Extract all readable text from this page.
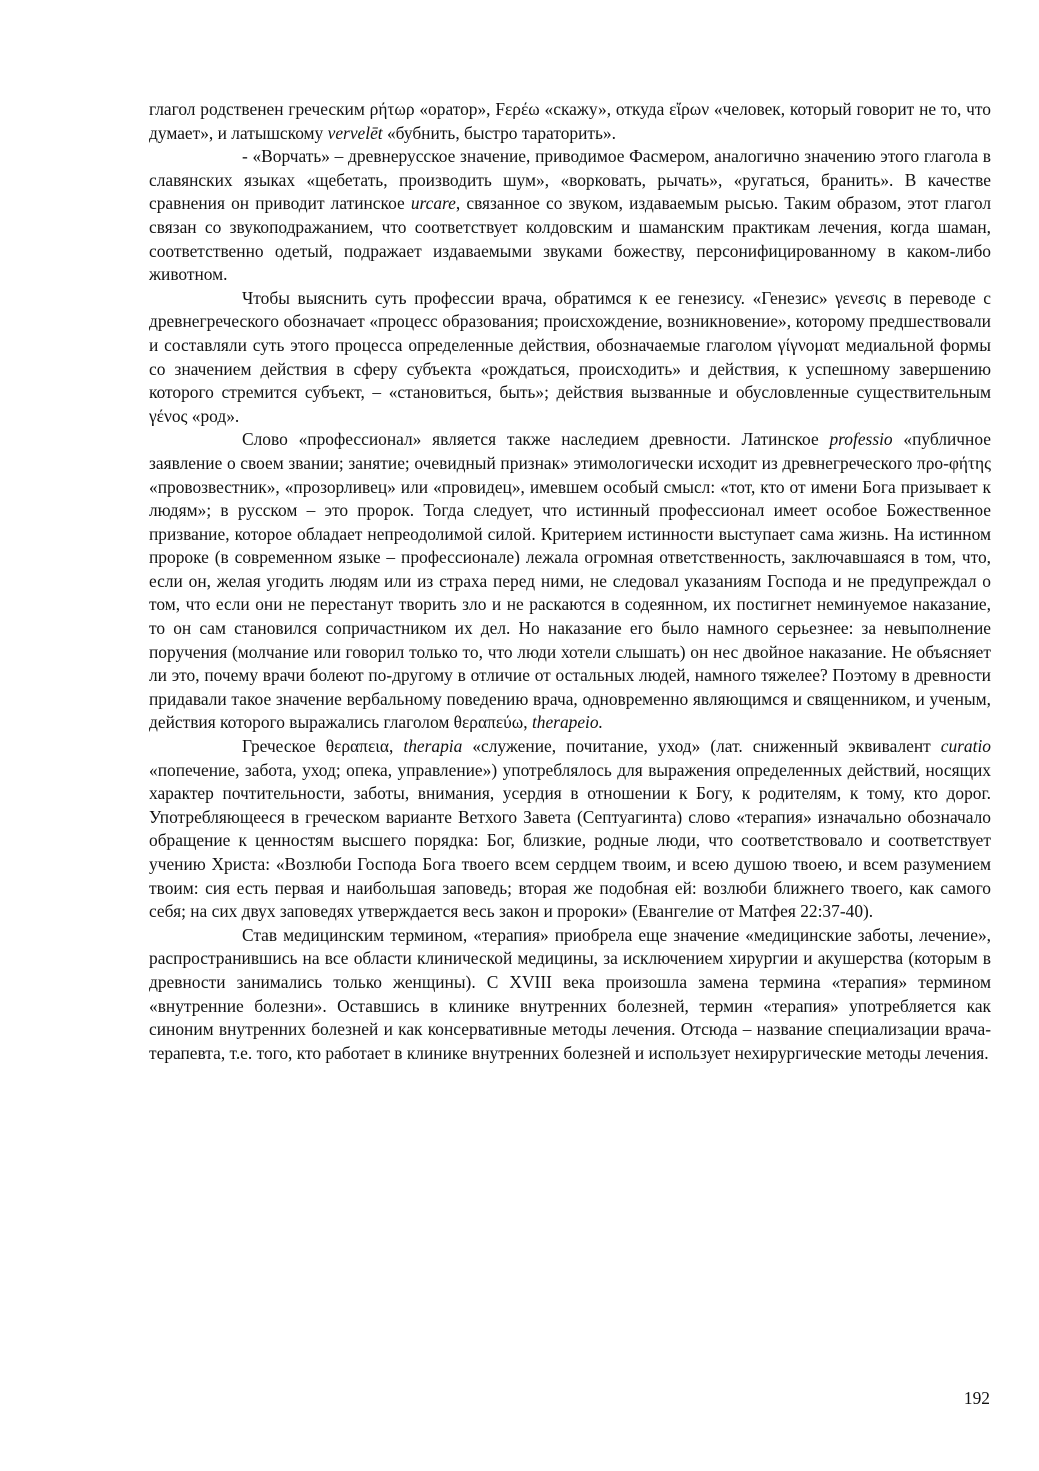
глагол родственен греческим ρήτωρ «оратор», Fερέω «скажу», откуда εἴρων «человек, который говорит не то, что думает», и латышскому vervelēt «бубнить, быстро тараторить».

- «Ворчать» – древнерусское значение, приводимое Фасмером, аналогично значению этого глагола в славянских языках «щебетать, производить шум», «ворковать, рычать», «ругаться, бранить». В качестве сравнения он приводит латинское urcare, связанное со звуком, издаваемым рысью. Таким образом, этот глагол связан со звукоподражанием, что соответствует колдовским и шаманским практикам лечения, когда шаман, соответственно одетый, подражает издаваемыми звуками божеству, персонифицированному в каком-либо животном.

Чтобы выяснить суть профессии врача, обратимся к ее генезису. «Генезис» γενεσις в переводе с древнегреческого обозначает «процесс образования; происхождение, возникновение», которому предшествовали и составляли суть этого процесса определенные действия, обозначаемые глаголом γίγνοματ медиальной формы со значением действия в сферу субъекта «рождаться, происходить» и действия, к успешному завершению которого стремится субъект, – «становиться, быть»; действия вызванные и обусловленные существительным γένος «род».

Слово «профессионал» является также наследием древности. Латинское professio «публичное заявление о своем звании; занятие; очевидный признак» этимологически исходит из древнегреческого προ-φήτης «провозвестник», «прозорливец» или «провидец», имевшем особый смысл: «тот, кто от имени Бога призывает к людям»; в русском – это пророк. Тогда следует, что истинный профессионал имеет особое Божественное призвание, которое обладает непреодолимой силой. Критерием истинности выступает сама жизнь. На истинном пророке (в современном языке – профессионале) лежала огромная ответственность, заключавшаяся в том, что, если он, желая угодить людям или из страха перед ними, не следовал указаниям Господа и не предупреждал о том, что если они не перестанут творить зло и не раскаются в содеянном, их постигнет неминуемое наказание, то он сам становился сопричастником их дел. Но наказание его было намного серьезнее: за невыполнение поручения (молчание или говорил только то, что люди хотели слышать) он нес двойное наказание. Не объясняет ли это, почему врачи болеют по-другому в отличие от остальных людей, намного тяжелее? Поэтому в древности придавали такое значение вербальному поведению врача, одновременно являющимся и священником, и ученым, действия которого выражались глаголом θεραπεύω, therapeio.

Греческое θεραπεια, therapia «служение, почитание, уход» (лат. сниженный эквивалент curatio «попечение, забота, уход; опека, управление») употреблялось для выражения определенных действий, носящих характер почтительности, заботы, внимания, усердия в отношении к Богу, к родителям, к тому, кто дорог. Употребляющееся в греческом варианте Ветхого Завета (Септуагинта) слово «терапия» изначально обозначало обращение к ценностям высшего порядка: Бог, близкие, родные люди, что соответствовало и соответствует учению Христа: «Возлюби Господа Бога твоего всем сердцем твоим, и всею душою твоею, и всем разумением твоим: сия есть первая и наибольшая заповедь; вторая же подобная ей: возлюби ближнего твоего, как самого себя; на сих двух заповедях утверждается весь закон и пророки» (Евангелие от Матфея 22:37-40).

Став медицинским термином, «терапия» приобрела еще значение «медицинские заботы, лечение», распространившись на все области клинической медицины, за исключением хирургии и акушерства (которым в древности занимались только женщины). С XVIII века произошла замена термина «терапия» термином «внутренние болезни». Оставшись в клинике внутренних болезней, термин «терапия» употребляется как синоним внутренних болезней и как консервативные методы лечения. Отсюда – название специализации врача-терапевта, т.е. того, кто работает в клинике внутренних болезней и использует нехирургические методы лечения.

192
